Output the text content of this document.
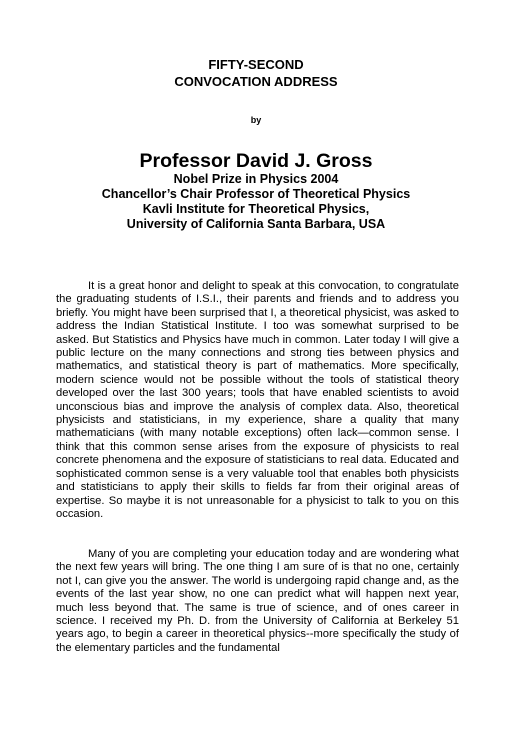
FIFTY-SECOND
CONVOCATION ADDRESS
by
Professor David J. Gross
Nobel Prize in Physics 2004
Chancellor’s Chair Professor of Theoretical Physics
Kavli Institute for Theoretical Physics,
University of California Santa Barbara, USA

It is a great honor and delight to speak at this convocation, to congratulate the graduating students of I.S.I., their parents and friends and to address you briefly. You might have been surprised that I, a theoretical physicist, was asked to address the Indian Statistical Institute. I too was somewhat surprised to be asked. But Statistics and Physics have much in common. Later today I will give a public lecture on the many connections and strong ties between physics and mathematics, and statistical theory is part of mathematics. More specifically, modern science would not be possible without the tools of statistical theory developed over the last 300 years; tools that have enabled scientists to avoid unconscious bias and improve the analysis of complex data. Also, theoretical physicists and statisticians, in my experience, share a quality that many mathematicians (with many notable exceptions) often lack—common sense. I think that this common sense arises from the exposure of physicists to real concrete phenomena and the exposure of statisticians to real data. Educated and sophisticated common sense is a very valuable tool that enables both physicists and statisticians to apply their skills to fields far from their original areas of expertise. So maybe it is not unreasonable for a physicist to talk to you on this occasion.

Many of you are completing your education today and are wondering what the next few years will bring. The one thing I am sure of is that no one, certainly not I, can give you the answer. The world is undergoing rapid change and, as the events of the last year show, no one can predict what will happen next year, much less beyond that. The same is true of science, and of ones career in science. I received my Ph. D. from the University of California at Berkeley 51 years ago, to begin a career in theoretical physics--more specifically the study of the elementary particles and the fundamental
